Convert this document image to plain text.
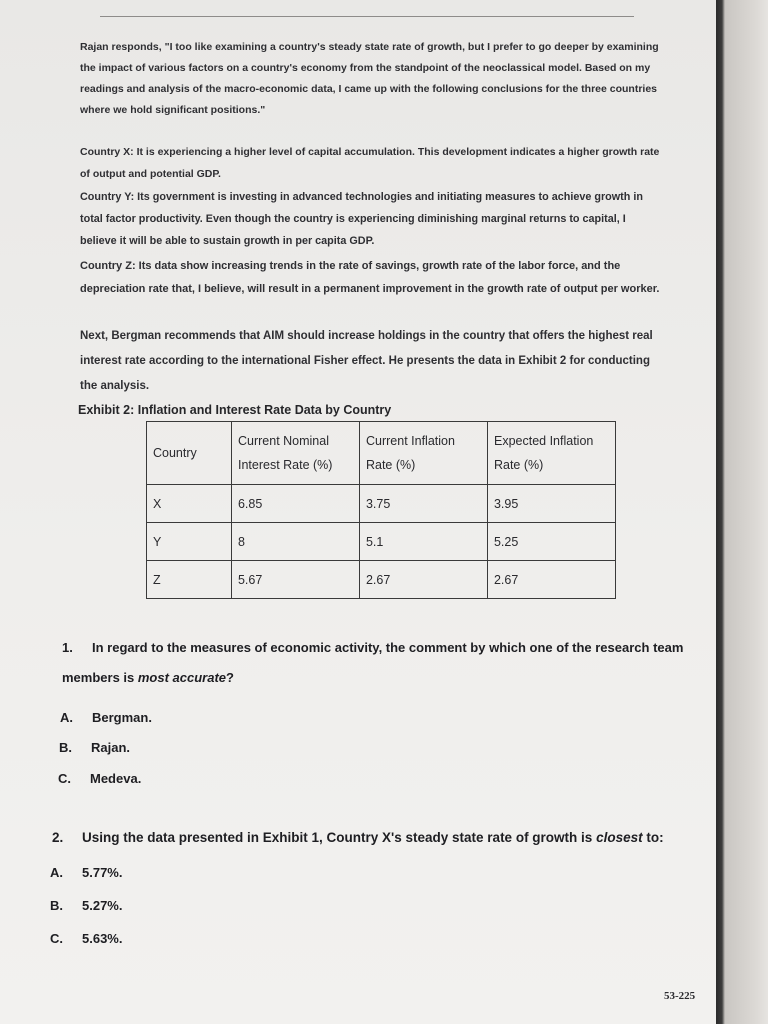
Rajan responds, "I too like examining a country's steady state rate of growth, but I prefer to go deeper by examining the impact of various factors on a country's economy from the standpoint of the neoclassical model. Based on my readings and analysis of the macro-economic data, I came up with the following conclusions for the three countries where we hold significant positions."

Country X: It is experiencing a higher level of capital accumulation. This development indicates a higher growth rate of output and potential GDP.

Country Y: Its government is investing in advanced technologies and initiating measures to achieve growth in total factor productivity. Even though the country is experiencing diminishing marginal returns to capital, I believe it will be able to sustain growth in per capita GDP.

Country Z: Its data show increasing trends in the rate of savings, growth rate of the labor force, and the depreciation rate that, I believe, will result in a permanent improvement in the growth rate of output per worker.

Next, Bergman recommends that AIM should increase holdings in the country that offers the highest real interest rate according to the international Fisher effect. He presents the data in Exhibit 2 for conducting the analysis.

Exhibit 2: Inflation and Interest Rate Data by Country

Country	Current Nominal Interest Rate (%)	Current Inflation Rate (%)	Expected Inflation Rate (%)
X	6.85	3.75	3.95
Y	8	5.1	5.25
Z	5.67	2.67	2.67

1. In regard to the measures of economic activity, the comment by which one of the research team members is most accurate?

A. Bergman.

B. Rajan.

C. Medeva.

2. Using the data presented in Exhibit 1, Country X's steady state rate of growth is closest to:

A. 5.77%.

B. 5.27%.

C. 5.63%.

53-225
